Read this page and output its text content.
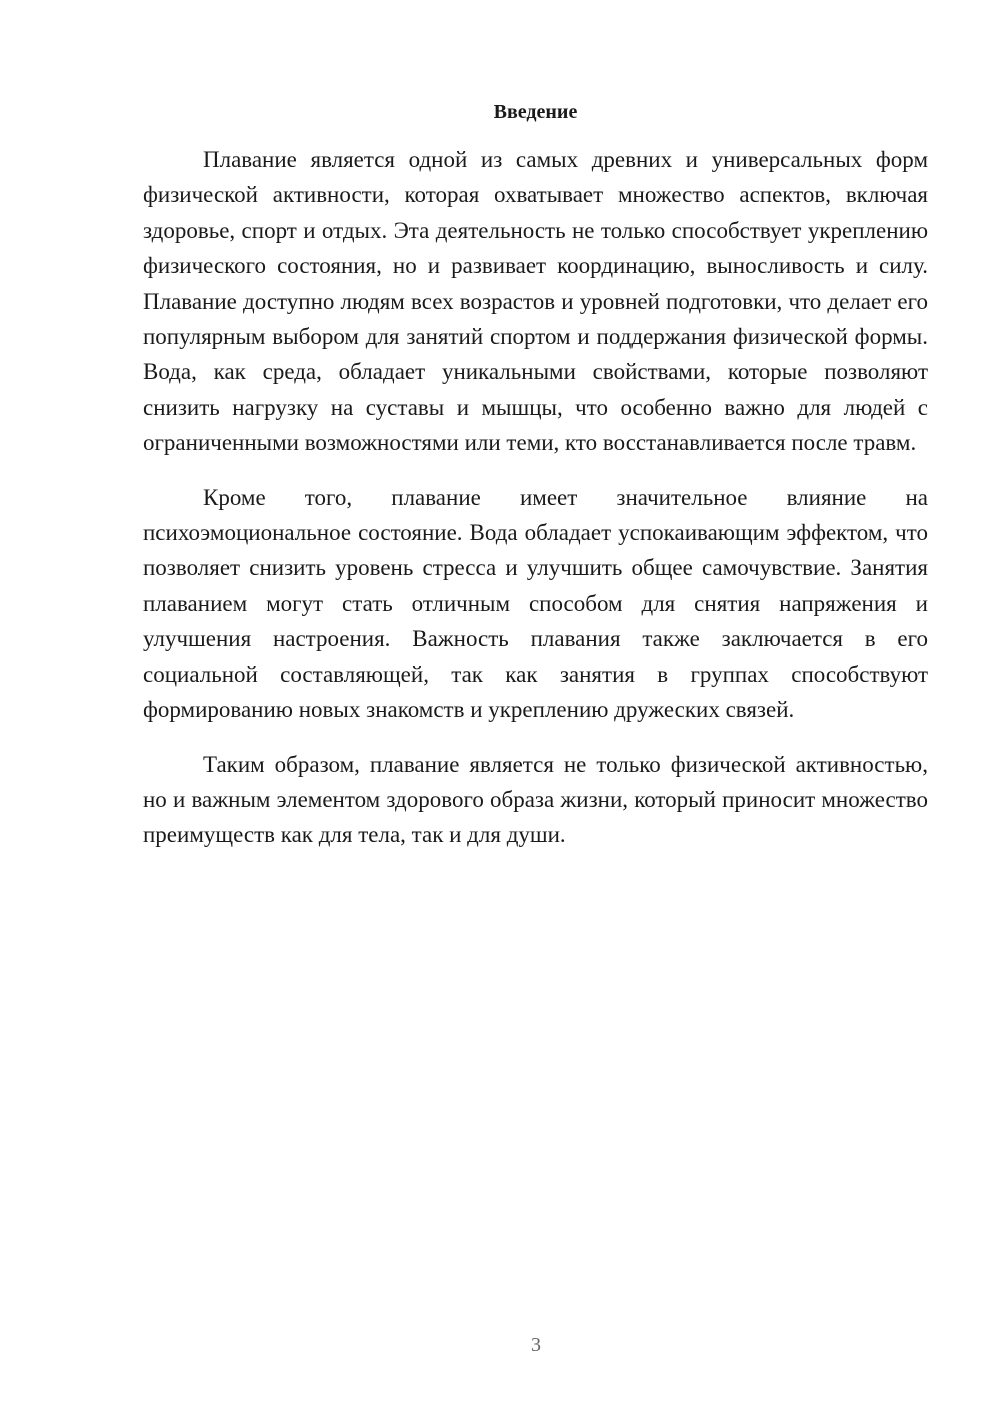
Введение

Плавание является одной из самых древних и универсальных форм физической активности, которая охватывает множество аспектов, включая здоровье, спорт и отдых. Эта деятельность не только способствует укреплению физического состояния, но и развивает координацию, выносливость и силу. Плавание доступно людям всех возрастов и уровней подготовки, что делает его популярным выбором для занятий спортом и поддержания физической формы. Вода, как среда, обладает уникальными свойствами, которые позволяют снизить нагрузку на суставы и мышцы, что особенно важно для людей с ограниченными возможностями или теми, кто восстанавливается после травм.

Кроме того, плавание имеет значительное влияние на психоэмоциональное состояние. Вода обладает успокаивающим эффектом, что позволяет снизить уровень стресса и улучшить общее самочувствие. Занятия плаванием могут стать отличным способом для снятия напряжения и улучшения настроения. Важность плавания также заключается в его социальной составляющей, так как занятия в группах способствуют формированию новых знакомств и укреплению дружеских связей.

Таким образом, плавание является не только физической активностью, но и важным элементом здорового образа жизни, который приносит множество преимуществ как для тела, так и для души.

3
